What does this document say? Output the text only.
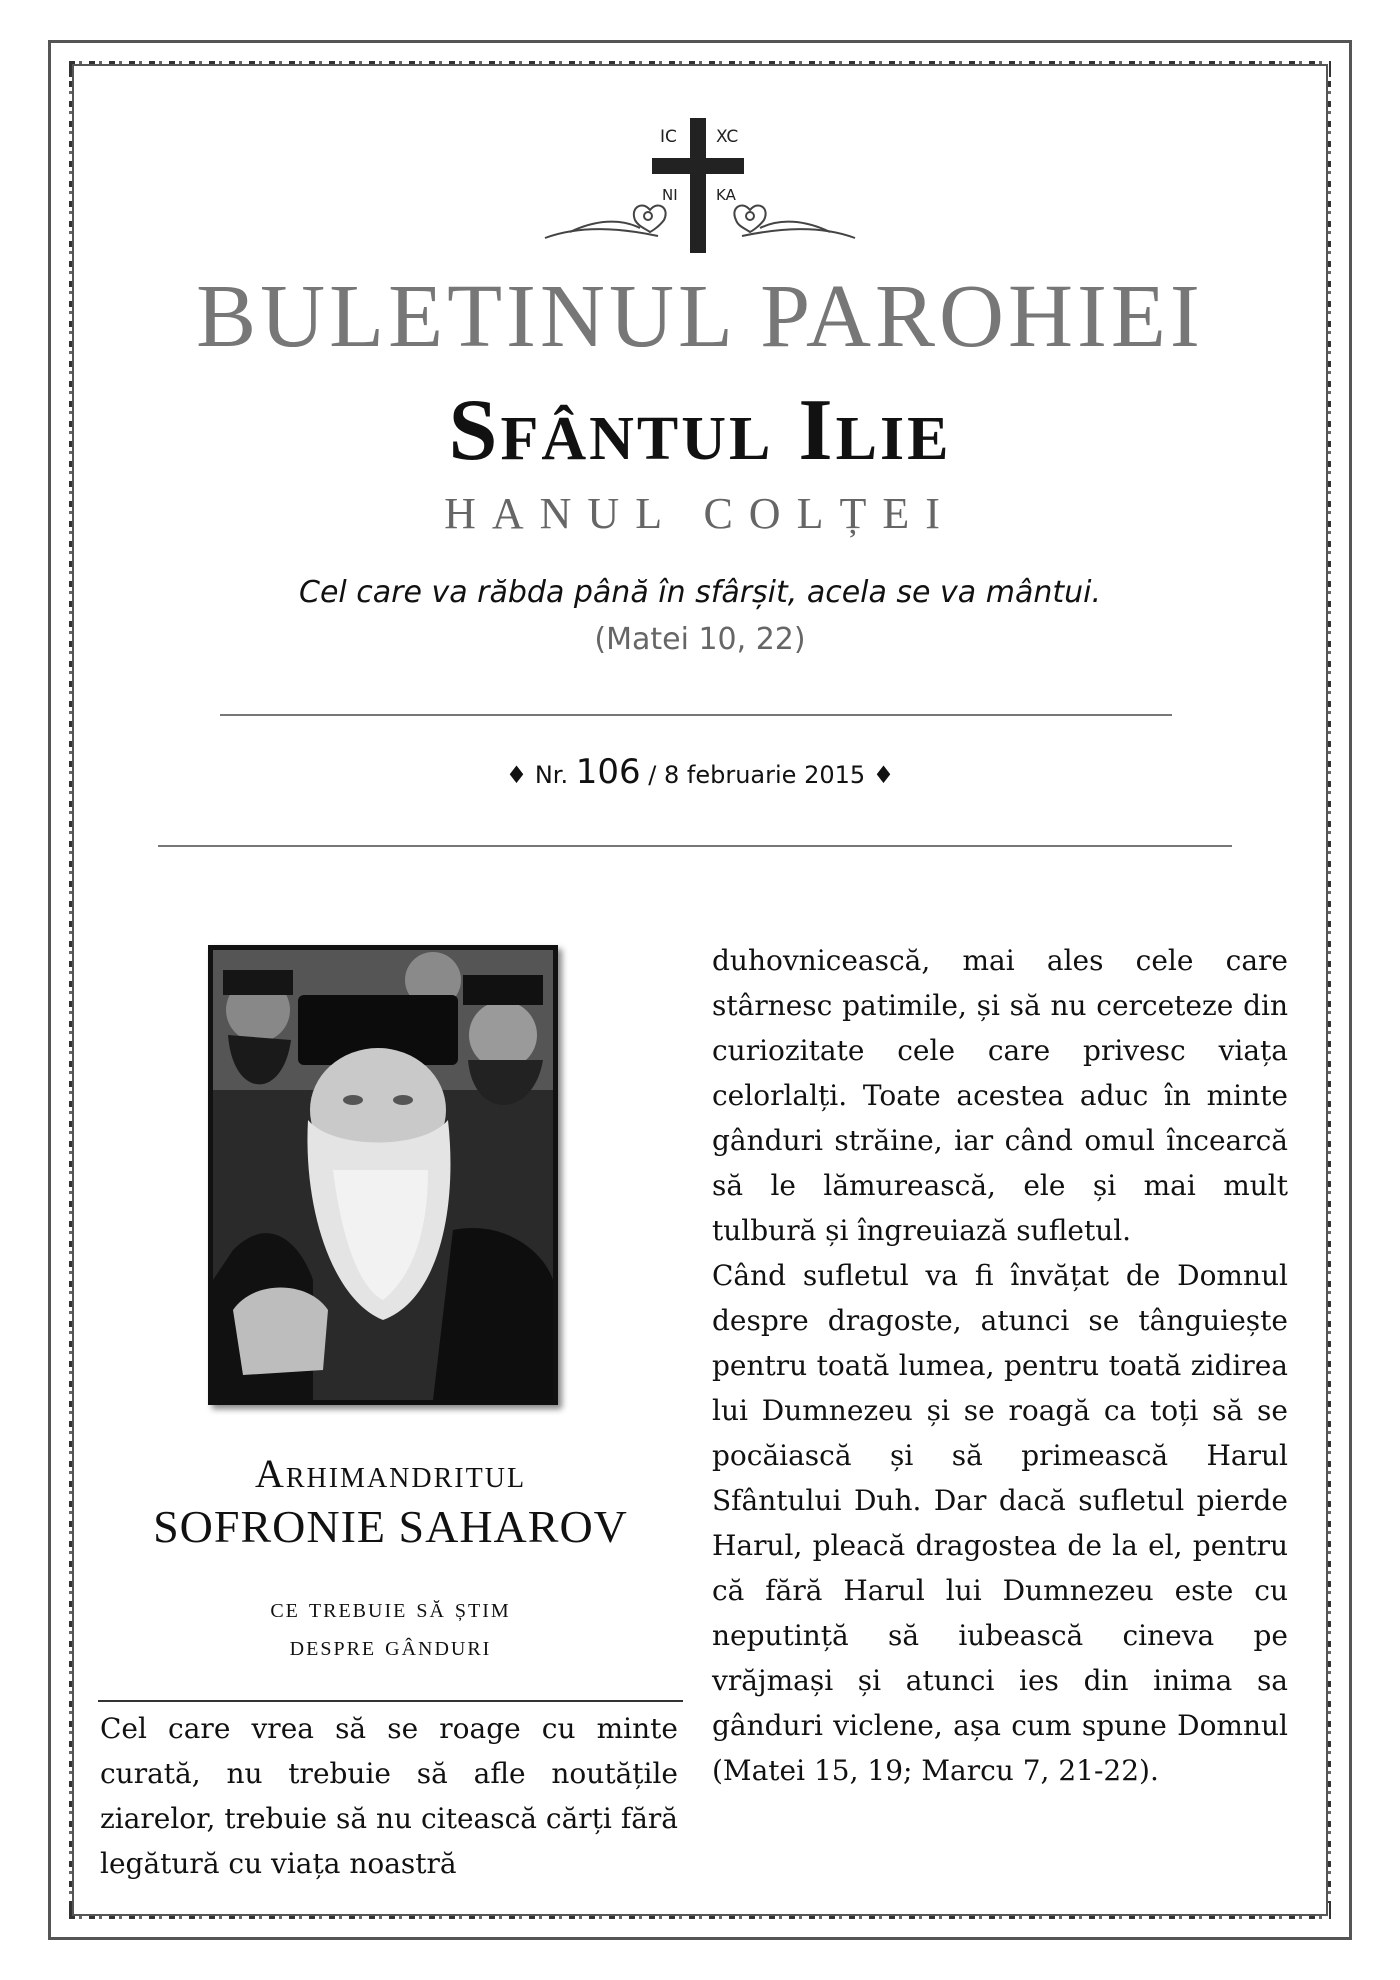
IC XC
NI	KA
BULETINUL PAROHIEI
Sfântul Ilie
HANUL COLȚEI

Cel care va răbda până în sfârșit, acela se va mântui.

(Matei 10, 22)

♦ Nr. 106 / 8 februarie 2015 ♦
Arhimandritul
SOFRONIE SAHAROV
ce trebuie să știm
despre gânduri

Cel care vrea să se roage cu minte curată, nu trebuie să afle noutățile ziarelor, trebuie să nu citească cărți fără legătură cu viața noastră

duhovnicească, mai ales cele care stârnesc patimile, și să nu cerceteze din curiozitate cele care privesc viața celorlalți. Toate acestea aduc în minte gânduri străine, iar când omul încearcă să le lămurească, ele și mai mult tulbură și îngreuiază sufletul.

Când sufletul va fi învățat de Domnul despre dragoste, atunci se tânguiește pentru toată lumea, pentru toată zidirea lui Dumnezeu și se roagă ca toți să se pocăiască și să primească Harul Sfântului Duh. Dar dacă sufletul pierde Harul, pleacă dragostea de la el, pentru că fără Harul lui Dumnezeu este cu neputință să iubească cineva pe vrăjmași și atunci ies din inima sa gânduri viclene, așa cum spune Domnul (Matei 15, 19; Marcu 7, 21-22).
